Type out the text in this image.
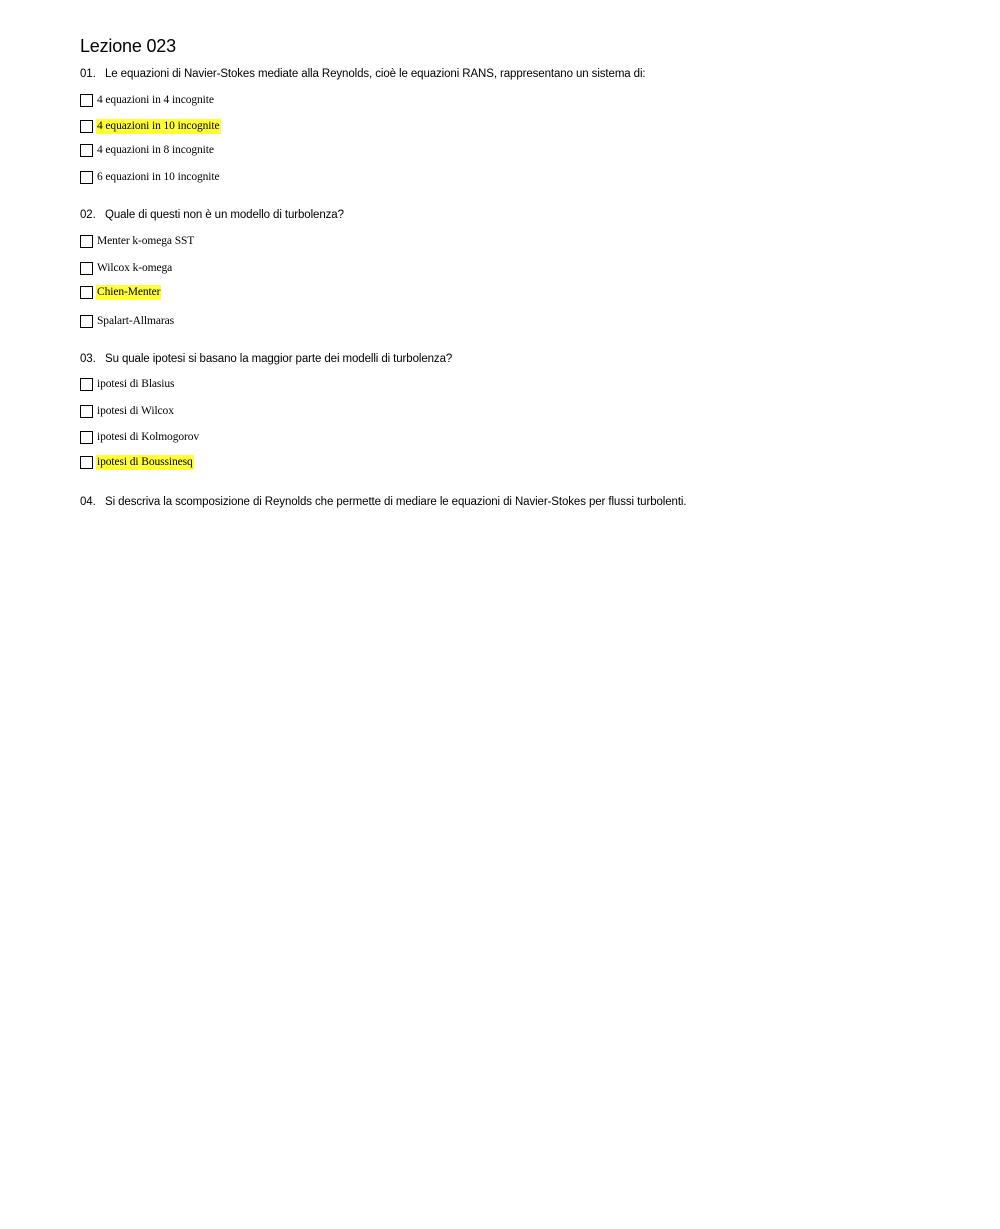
Lezione 023
01. Le equazioni di Navier-Stokes mediate alla Reynolds, cioè le equazioni RANS, rappresentano un sistema di:
4 equazioni in 4 incognite
4 equazioni in 10 incognite
4 equazioni in 8 incognite
6 equazioni in 10 incognite
02. Quale di questi non è un modello di turbolenza?
Menter k-omega SST
Wilcox k-omega
Chien-Menter
Spalart-Allmaras
03. Su quale ipotesi si basano la maggior parte dei modelli di turbolenza?
ipotesi di Blasius
ipotesi di Wilcox
ipotesi di Kolmogorov
ipotesi di Boussinesq
04. Si descriva la scomposizione di Reynolds che permette di mediare le equazioni di Navier-Stokes per flussi turbolenti.
